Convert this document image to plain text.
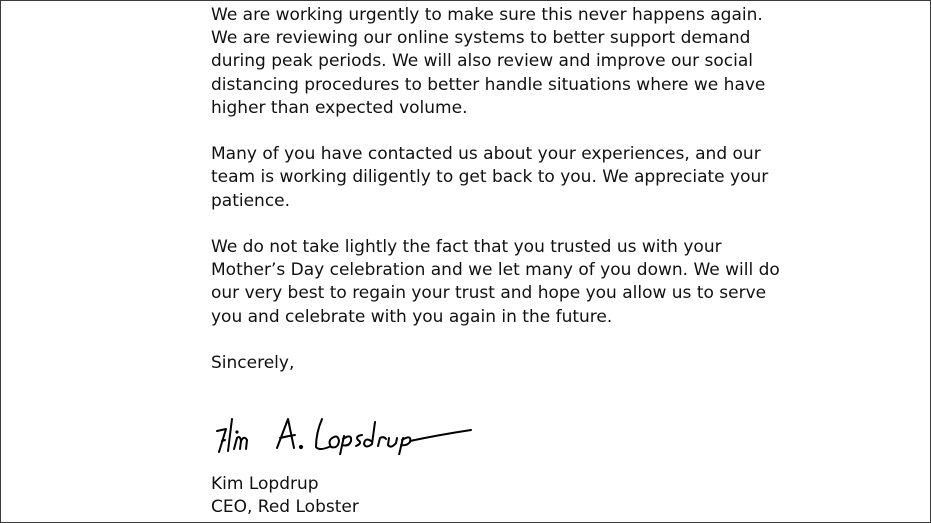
We are working urgently to make sure this never happens again.
We are reviewing our online systems to better support demand
during peak periods. We will also review and improve our social
distancing procedures to better handle situations where we have
higher than expected volume.
Many of you have contacted us about your experiences, and our
team is working diligently to get back to you. We appreciate your
patience.
We do not take lightly the fact that you trusted us with your
Mother’s Day celebration and we let many of you down. We will do
our very best to regain your trust and hope you allow us to serve
you and celebrate with you again in the future.
Sincerely,
Kim Lopdrup
CEO, Red Lobster
